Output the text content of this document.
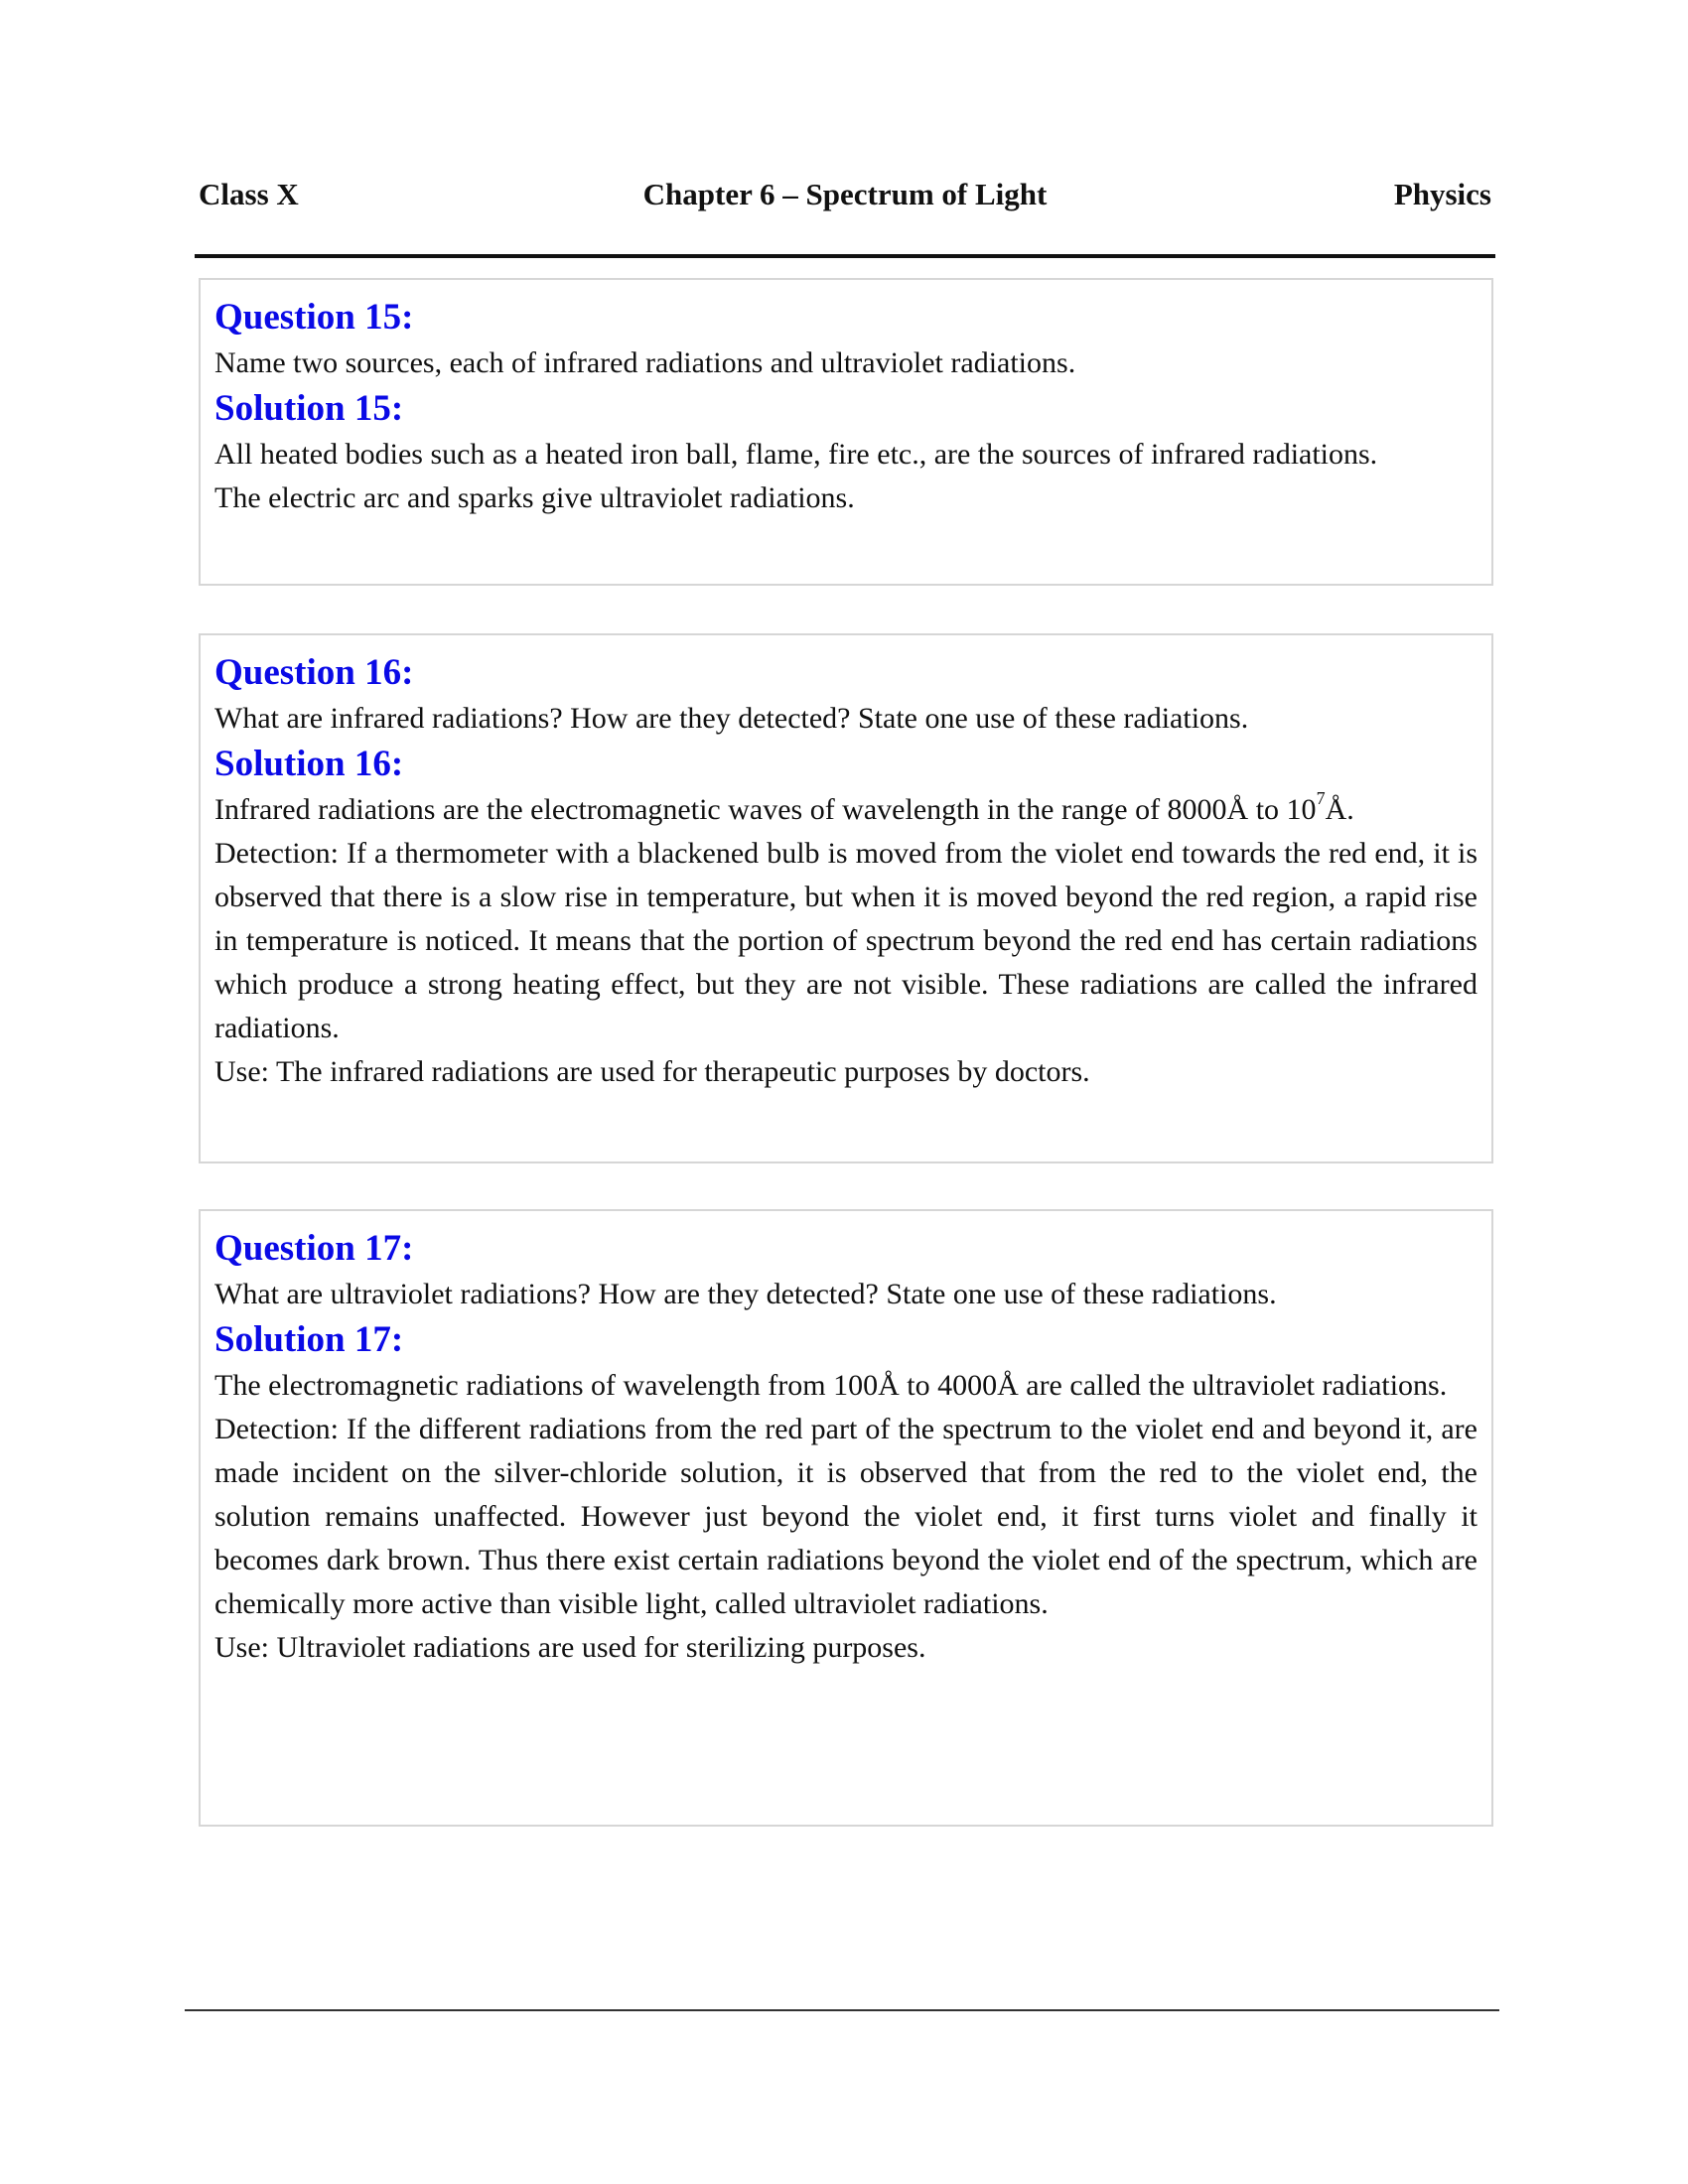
Class X	Chapter 6 – Spectrum of Light	Physics
Question 15:
Name two sources, each of infrared radiations and ultraviolet radiations.
Solution 15:

All heated bodies such as a heated iron ball, flame, fire etc., are the sources of infrared radiations.

The electric arc and sparks give ultraviolet radiations.

Question 16:
What are infrared radiations? How are they detected? State one use of these radiations.
Solution 16:

Infrared radiations are the electromagnetic waves of wavelength in the range of 8000Å to $10^7Å$.

Detection: If a thermometer with a blackened bulb is moved from the violet end towards the red end, it is observed that there is a slow rise in temperature, but when it is moved beyond the red region, a rapid rise in temperature is noticed. It means that the portion of spectrum beyond the red end has certain radiations which produce a strong heating effect, but they are not visible. These radiations are called the infrared radiations.

Use: The infrared radiations are used for therapeutic purposes by doctors.

Question 17:
What are ultraviolet radiations? How are they detected? State one use of these radiations.
Solution 17:

The electromagnetic radiations of wavelength from 100Å to 4000Å are called the ultraviolet radiations.

Detection: If the different radiations from the red part of the spectrum to the violet end and beyond it, are made incident on the silver-chloride solution, it is observed that from the red to the violet end, the solution remains unaffected. However just beyond the violet end, it first turns violet and finally it becomes dark brown. Thus there exist certain radiations beyond the violet end of the spectrum, which are chemically more active than visible light, called ultraviolet radiations.

Use: Ultraviolet radiations are used for sterilizing purposes.
